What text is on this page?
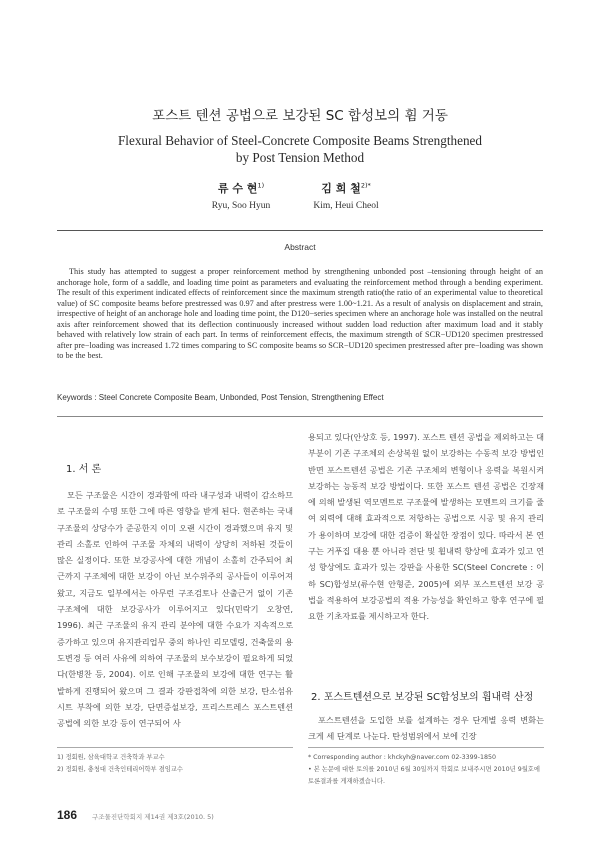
포스트 텐션 공법으로 보강된 SC 합성보의 휨 거동
Flexural Behavior of Steel-Concrete Composite Beams Strengthened
by Post Tension Method
류 수 현$^{1)}$
Ryu, Soo Hyun
김 희 철$^{2)*}$
Kim, Heui Cheol
Abstract
This study has attempted to suggest a proper reinforcement method by strengthening unbonded post –tensioning through height of an anchorage hole, form of a saddle, and loading time point as parameters and evaluating the reinforcement method through a bending experiment. The result of this experiment indicated effects of reinforcement since the maximum strength ratio(the ratio of an experimental value to theoretical value) of SC composite beams before prestressed was 0.97 and after prestress were 1.00~1.21. As a result of analysis on displacement and strain, irrespective of height of an anchorage hole and loading time point, the D120−series specimen where an anchorage hole was installed on the neutral axis after reinforcement showed that its deflection continuously increased without sudden load reduction after maximum load and it stably behaved with relatively low strain of each part. In terms of reinforcement effects, the maximum strength of SCR−UD120 specimen prestressed after pre−loading was increased 1.72 times comparing to SC composite beams so SCR−UD120 specimen prestressed after pre−loading was shown to be the best.
Keywords : Steel Concrete Composite Beam, Unbonded, Post Tension, Strengthening Effect
1. 서 론

모든 구조물은 시간이 경과함에 따라 내구성과 내력이 감소하므로 구조물의 수명 또한 그에 따른 영향을 받게 된다. 현존하는 국내 구조물의 상당수가 준공한지 이미 오랜 시간이 경과했으며 유지 및 관리 소홀로 인하여 구조물 자체의 내력이 상당히 저하된 것들이 많은 실정이다. 또한 보강공사에 대한 개념이 소홀히 간주되어 최근까지 구조체에 대한 보강이 아닌 보수위주의 공사들이 이루어져 왔고, 지금도 일부에서는 아무런 구조검토나 산출근거 없이 기존 구조체에 대한 보강공사가 이루어지고 있다(민락기 오창연, 1996). 최근 구조물의 유지 관리 분야에 대한 수요가 지속적으로 증가하고 있으며 유지관리업무 중의 하나인 리모델링, 건축물의 용도변경 등 여러 사유에 의하여 구조물의 보수보강이 필요하게 되었다(한병찬 등, 2004). 이로 인해 구조물의 보강에 대한 연구는 활발하게 진행되어 왔으며 그 결과 강판접착에 의한 보강, 탄소섬유시트 부착에 의한 보강, 단면증설보강, 프리스트레스 포스트텐션 공법에 의한 보강 등이 연구되어 사

용되고 있다(안상호 등, 1997). 포스트 텐션 공법을 제외하고는 대부분이 기존 구조체의 손상복원 없이 보강하는 수동적 보강 방법인 반면 포스트텐션 공법은 기존 구조체의 변형이나 응력을 복원시켜 보강하는 능동적 보강 방법이다. 또한 포스트 텐션 공법은 긴장재에 의해 발생된 역모멘트로 구조물에 발생하는 모멘트의 크기를 줄여 외력에 대해 효과적으로 저항하는 공법으로 시공 및 유지 관리가 용이하며 보강에 대한 검증이 확실한 장점이 있다. 따라서 본 연구는 거푸집 대용 뿐 아니라 전단 및 휨내력 향상에 효과가 있고 연성 향상에도 효과가 있는 강판을 사용한 SC(Steel Concrete : 이하 SC)합성보(류수현 안형준, 2005)에 외부 포스트텐션 보강 공법을 적용하여 보강공법의 적용 가능성을 확인하고 향후 연구에 필요한 기초자료를 제시하고자 한다.

2. 포스트텐션으로 보강된 SC합성보의 휨내력 산정

포스트텐션을 도입한 보를 설계하는 경우 단계별 응력 변화는 크게 세 단계로 나눈다. 탄성범위에서 보에 긴장

1) 정회원, 삼육대학교 건축학과 부교수
2) 정회원, 충청대 건축인테리어학부 겸임교수
* Corresponding author : khckyh@naver.com 02-3399-1850
• 본 논문에 대한 토의를 2010년 6월 30일까지 학회로 보내주시면 2010년 9월호에 토론결과를 게재하겠습니다.
186 구조물진단학회지 제14권 제3호(2010. 5)
